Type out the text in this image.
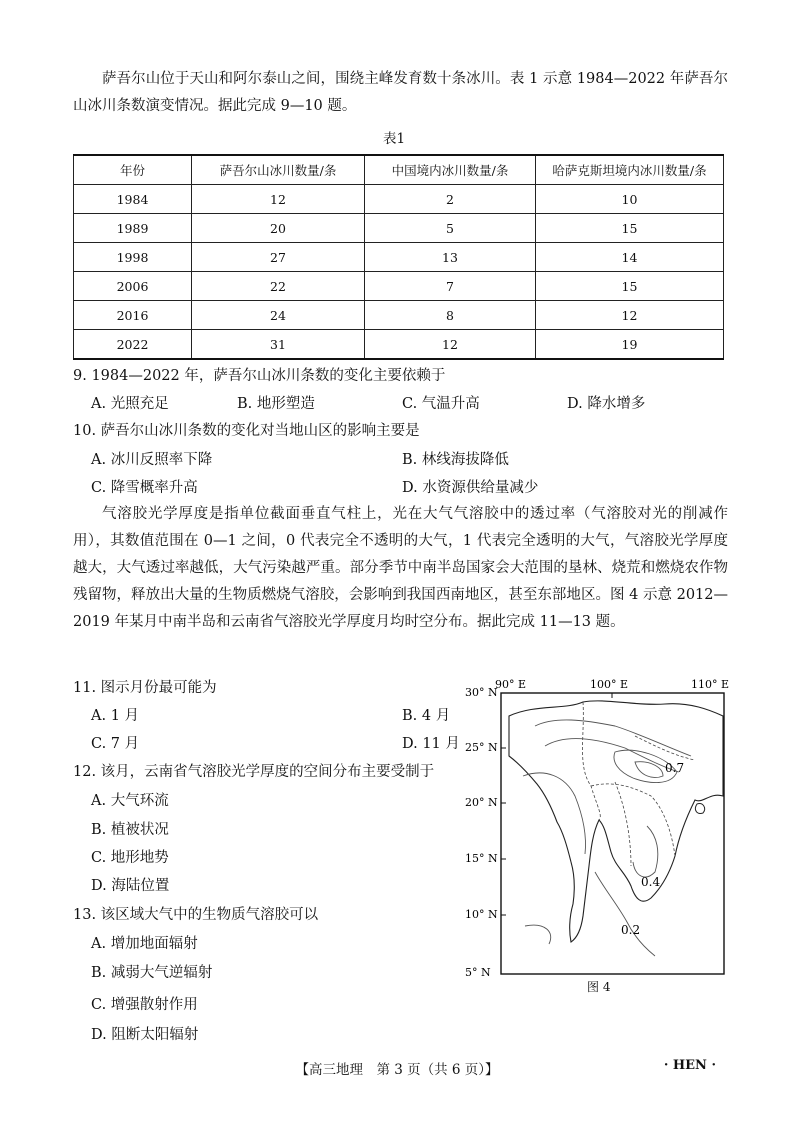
萨吾尔山位于天山和阿尔泰山之间，围绕主峰发育数十条冰川。表 1 示意 1984—2022 年萨吾尔山冰川条数演变情况。据此完成 9—10 题。

表1
年份	萨吾尔山冰川数量/条	中国境内冰川数量/条	哈萨克斯坦境内冰川数量/条
1984	12	2	10
1989	20	5	15
1998	27	13	14
2006	22	7	15
2016	24	8	12
2022	31	12	19
9. 1984—2022 年，萨吾尔山冰川条数的变化主要依赖于
A. 光照充足	B. 地形塑造	C. 气温升高	D. 降水增多
10. 萨吾尔山冰川条数的变化对当地山区的影响主要是
A. 冰川反照率下降	B. 林线海拔降低
C. 降雪概率升高	D. 水资源供给量减少

气溶胶光学厚度是指单位截面垂直气柱上，光在大气气溶胶中的透过率（气溶胶对光的削减作用），其数值范围在 0—1 之间，0 代表完全不透明的大气，1 代表完全透明的大气，气溶胶光学厚度越大，大气透过率越低，大气污染越严重。部分季节中南半岛国家会大范围的垦林、烧荒和燃烧农作物残留物，释放出大量的生物质燃烧气溶胶，会影响到我国西南地区，甚至东部地区。图 4 示意 2012—2019 年某月中南半岛和云南省气溶胶光学厚度月均时空分布。据此完成 11—13 题。

11. 图示月份最可能为
A. 1 月	B. 4 月
C. 7 月	D. 11 月
12. 该月，云南省气溶胶光学厚度的空间分布主要受制于
A. 大气环流
B. 植被状况
C. 地形地势
D. 海陆位置
13. 该区域大气中的生物质气溶胶可以
A. 增加地面辐射
B. 减弱大气逆辐射
C. 增强散射作用
D. 阻断太阳辐射
90° E	100° E	110° E
30° N
25° N
20° N
15° N
10° N
5° N
0.7
0.4
0.2
图 4
【高三地理　第 3 页（共 6 页）】	· HEN ·
